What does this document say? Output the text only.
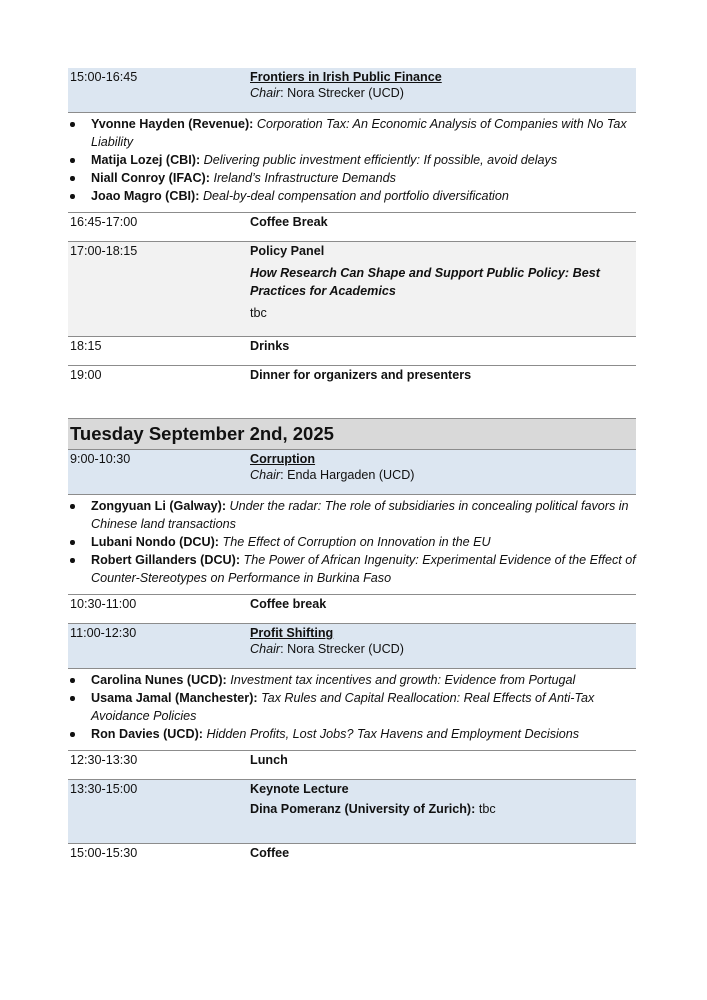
15:00-16:45	Frontiers in Irish Public Finance
Chair: Nora Strecker (UCD)
Yvonne Hayden (Revenue): Corporation Tax: An Economic Analysis of Companies with No Tax Liability
Matija Lozej (CBI): Delivering public investment efficiently: If possible, avoid delays
Niall Conroy (IFAC): Ireland’s Infrastructure Demands
Joao Magro (CBI): Deal-by-deal compensation and portfolio diversification
16:45-17:00	Coffee Break
17:00-18:15	Policy Panel
How Research Can Shape and Support Public Policy: Best Practices for Academics
tbc
18:15	Drinks
19:00	Dinner for organizers and presenters
Tuesday September 2nd, 2025
9:00-10:30	Corruption
Chair: Enda Hargaden (UCD)
Zongyuan Li (Galway): Under the radar: The role of subsidiaries in concealing political favors in Chinese land transactions
Lubani Nondo (DCU): The Effect of Corruption on Innovation in the EU
Robert Gillanders (DCU): The Power of African Ingenuity: Experimental Evidence of the Effect of Counter-Stereotypes on Performance in Burkina Faso
10:30-11:00	Coffee break
11:00-12:30	Profit Shifting
Chair: Nora Strecker (UCD)
Carolina Nunes (UCD): Investment tax incentives and growth: Evidence from Portugal
Usama Jamal (Manchester): Tax Rules and Capital Reallocation: Real Effects of Anti-Tax Avoidance Policies
Ron Davies (UCD): Hidden Profits, Lost Jobs? Tax Havens and Employment Decisions
12:30-13:30	Lunch
13:30-15:00	Keynote Lecture
Dina Pomeranz (University of Zurich): tbc
15:00-15:30	Coffee
